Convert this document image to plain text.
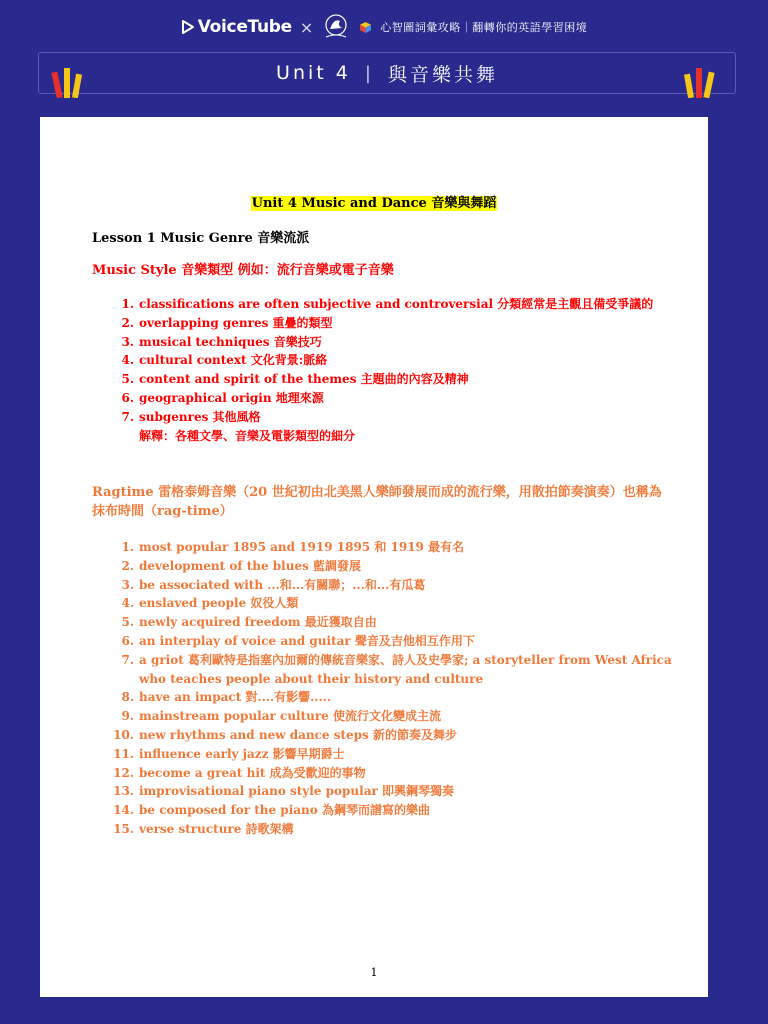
VoiceTube ×	心智圖詞彙攻略｜翻轉你的英語學習困境
Unit 4 | 與音樂共舞
Unit 4 Music and Dance 音樂與舞蹈
Lesson 1 Music Genre 音樂流派
Music Style 音樂類型 例如：流行音樂或電子音樂
1. classifications are often subjective and controversial 分類經常是主觀且備受爭議的
2. overlapping genres 重疊的類型
3. musical techniques 音樂技巧
4. cultural context 文化背景:脈絡
5. content and spirit of the themes 主題曲的內容及精神
6. geographical origin 地理來源
7. subgenres 其他風格
解釋：各種文學、音樂及電影類型的細分
Ragtime 雷格泰姆音樂（20 世紀初由北美黑人樂師發展而成的流行樂，用散拍節奏演奏）也稱為抹布時間（rag-time）
1. most popular 1895 and 1919 1895 和 1919 最有名
2. development of the blues 藍調發展
3. be associated with ...和...有關聯；...和...有瓜葛
4. enslaved people 奴役人類
5. newly acquired freedom 最近獲取自由
6. an interplay of voice and guitar 聲音及吉他相互作用下
7. a griot 葛利歐特是指塞內加爾的傳統音樂家、詩人及史學家; a storyteller from West Africa who teaches people about their history and culture
8. have an impact 對....有影響.....
9. mainstream popular culture 使流行文化變成主流
10. new rhythms and new dance steps 新的節奏及舞步
11. influence early jazz 影響早期爵士
12. become a great hit 成為受歡迎的事物
13. improvisational piano style popular 即興鋼琴獨奏
14. be composed for the piano 為鋼琴而譜寫的樂曲
15. verse structure 詩歌架構
1
